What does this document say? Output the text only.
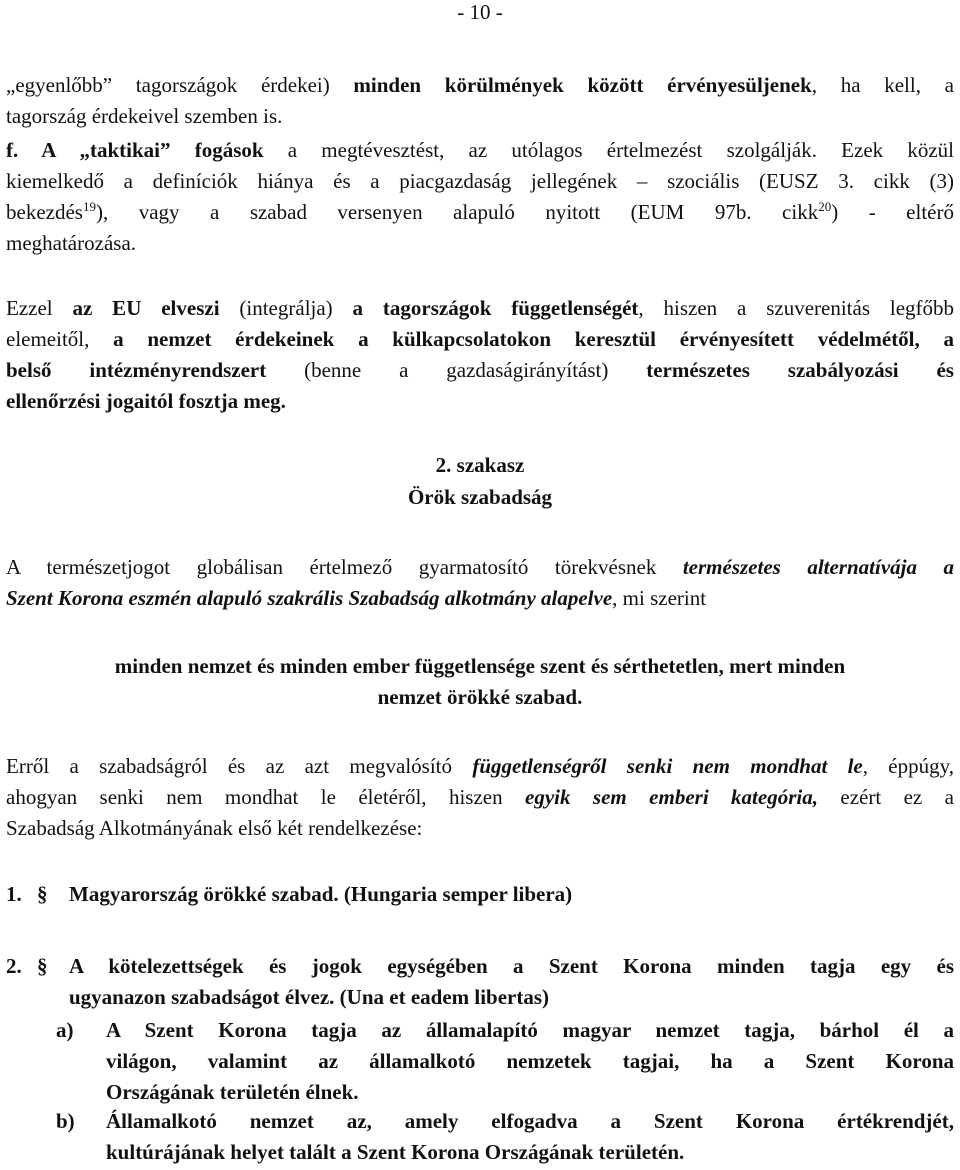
- 10 -
„egyenlőbb” tagországok érdekei) minden körülmények között érvényesüljenek, ha kell, a
tagország érdekeivel szemben is.
f. A „taktikai” fogások a megtévesztést, az utólagos értelmezést szolgálják. Ezek közül
kiemelkedő a definíciók hiánya és a piacgazdaság jellegének – szociális (EUSZ 3. cikk (3)
bekezdés$^{19}$), vagy a szabad versenyen alapuló nyitott (EUM 97b. cikk$^{20}$) - eltérő
meghatározása.
Ezzel az EU elveszi (integrálja) a tagországok függetlenségét, hiszen a szuverenitás legfőbb
elemeitől, a nemzet érdekeinek a külkapcsolatokon keresztül érvényesített védelmétől, a
belső intézményrendszert (benne a gazdaságirányítást) természetes szabályozási és
ellenőrzési jogaitól fosztja meg.
2. szakasz
Örök szabadság
A természetjogot globálisan értelmező gyarmatosító törekvésnek természetes alternatívája a
Szent Korona eszmén alapuló szakrális Szabadság alkotmány alapelve, mi szerint
minden nemzet és minden ember függetlensége szent és sérthetetlen, mert minden
nemzet örökké szabad.
Erről a szabadságról és az azt megvalósító függetlenségről senki nem mondhat le, éppúgy,
ahogyan senki nem mondhat le életéről, hiszen egyik sem emberi kategória, ezért ez a
Szabadság Alkotmányának első két rendelkezése:
1. § Magyarország örökké szabad. (Hungaria semper libera)
2. § A kötelezettségek és jogok egységében a Szent Korona minden tagja egy és
ugyanazon szabadságot élvez. (Una et eadem libertas)
a) A Szent Korona tagja az államalapító magyar nemzet tagja, bárhol él a
világon, valamint az államalkotó nemzetek tagjai, ha a Szent Korona
Országának területén élnek.
b) Államalkotó nemzet az, amely elfogadva a Szent Korona értékrendjét,
kultúrájának helyet talált a Szent Korona Országának területén.
